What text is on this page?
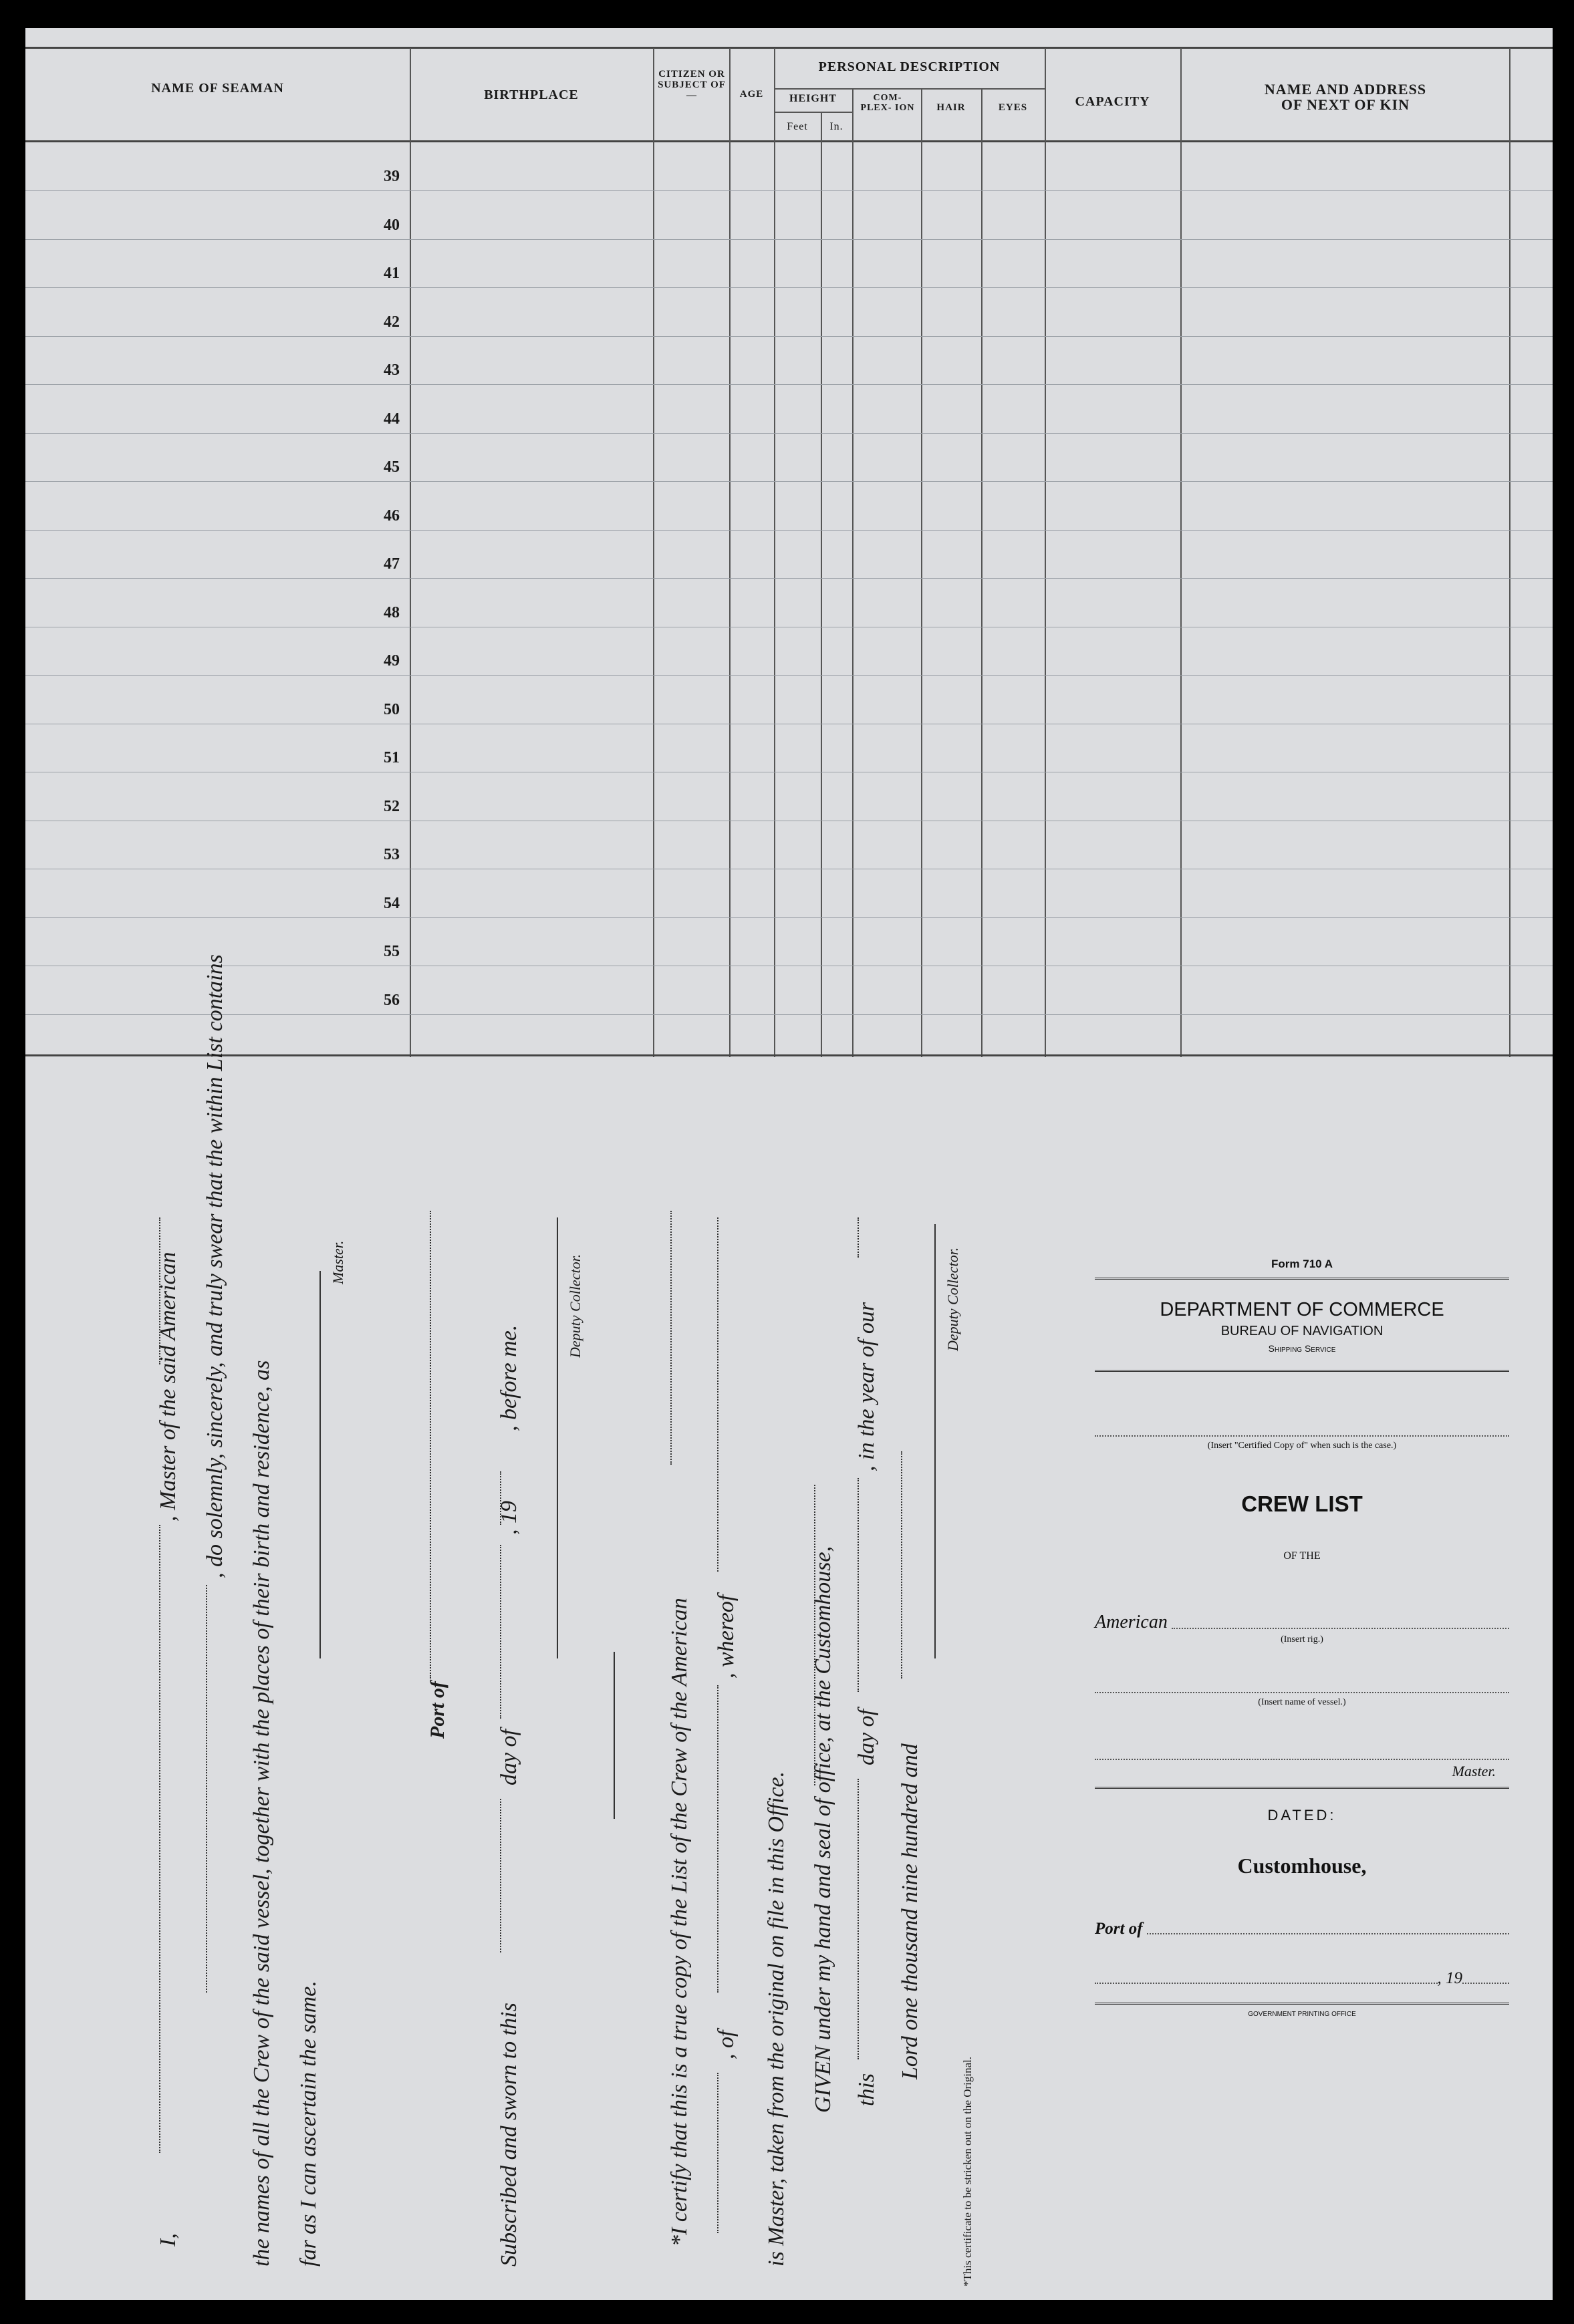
NAME OF SEAMAN	BIRTHPLACE
CITIZEN OR SUBJECT OF—	AGE
PERSONAL DESCRIPTION
HEIGHT
Feet	In.
COM- PLEX- ION	HAIR	EYES	CAPACITY
NAME AND ADDRESS OF NEXT OF KIN
39
40
41
42
43
44
45
46
47
48
49
50
51
52
53
54
55
56
I,
, Master of the said American , do solemnly, sincerely, and truly swear that the within List contains
the names of all the Crew of the said vessel, together with the places of their birth and residence, as far as I can ascertain the same.
Master.
Port of
Subscribed and sworn to this
day of
, 19
, before me.
Deputy Collector.
*I certify that this is a true copy of the List of the Crew of the American , of
, whereof
is Master, taken from the original on file in this Office. GIVEN under my hand and seal of office, at the Customhouse, this
day of
, in the year of our
Lord one thousand nine hundred and
Deputy Collector.
*This certificate to be stricken out on the Original.
Form 710 A
DEPARTMENT OF COMMERCE
BUREAU OF NAVIGATION
Shipping Service
(Insert "Certified Copy of" when such is the case.)
CREW LIST
OF THE
American
(Insert rig.)
(Insert name of vessel.)
Master.
DATED:
Customhouse,
Port of
, 19
GOVERNMENT PRINTING OFFICE
